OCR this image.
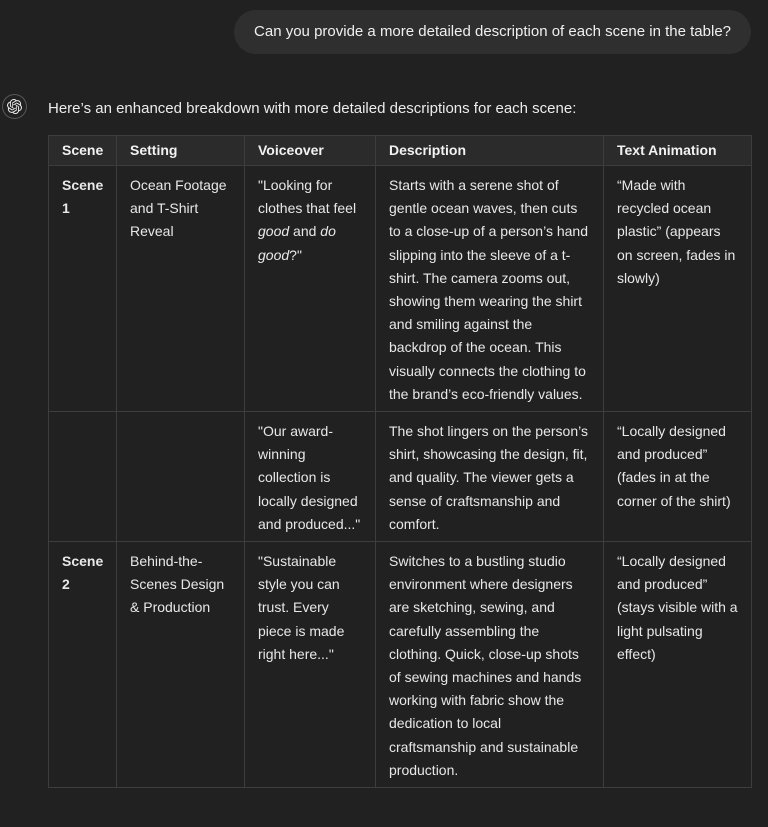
Can you provide a more detailed description of each scene in the table?

Here’s an enhanced breakdown with more detailed descriptions for each scene:

Scene	Setting	Voiceover	Description	Text Animation
Scene 1	Ocean Footage and T-Shirt Reveal	"Looking for clothes that feel good and do good?"	Starts with a serene shot of gentle ocean waves, then cuts to a close-up of a person’s hand slipping into the sleeve of a t-shirt. The camera zooms out, showing them wearing the shirt and smiling against the backdrop of the ocean. This visually connects the clothing to the brand’s eco-friendly values.	“Made with recycled ocean plastic” (appears on screen, fades in slowly)
		"Our award-winning collection is locally designed and produced..."	The shot lingers on the person’s shirt, showcasing the design, fit, and quality. The viewer gets a sense of craftsmanship and comfort.	“Locally designed and produced” (fades in at the corner of the shirt)
Scene 2	Behind-the-Scenes Design & Production	"Sustainable style you can trust. Every piece is made right here..."	Switches to a bustling studio environment where designers are sketching, sewing, and carefully assembling the clothing. Quick, close-up shots of sewing machines and hands working with fabric show the dedication to local craftsmanship and sustainable production.	“Locally designed and produced” (stays visible with a light pulsating effect)
